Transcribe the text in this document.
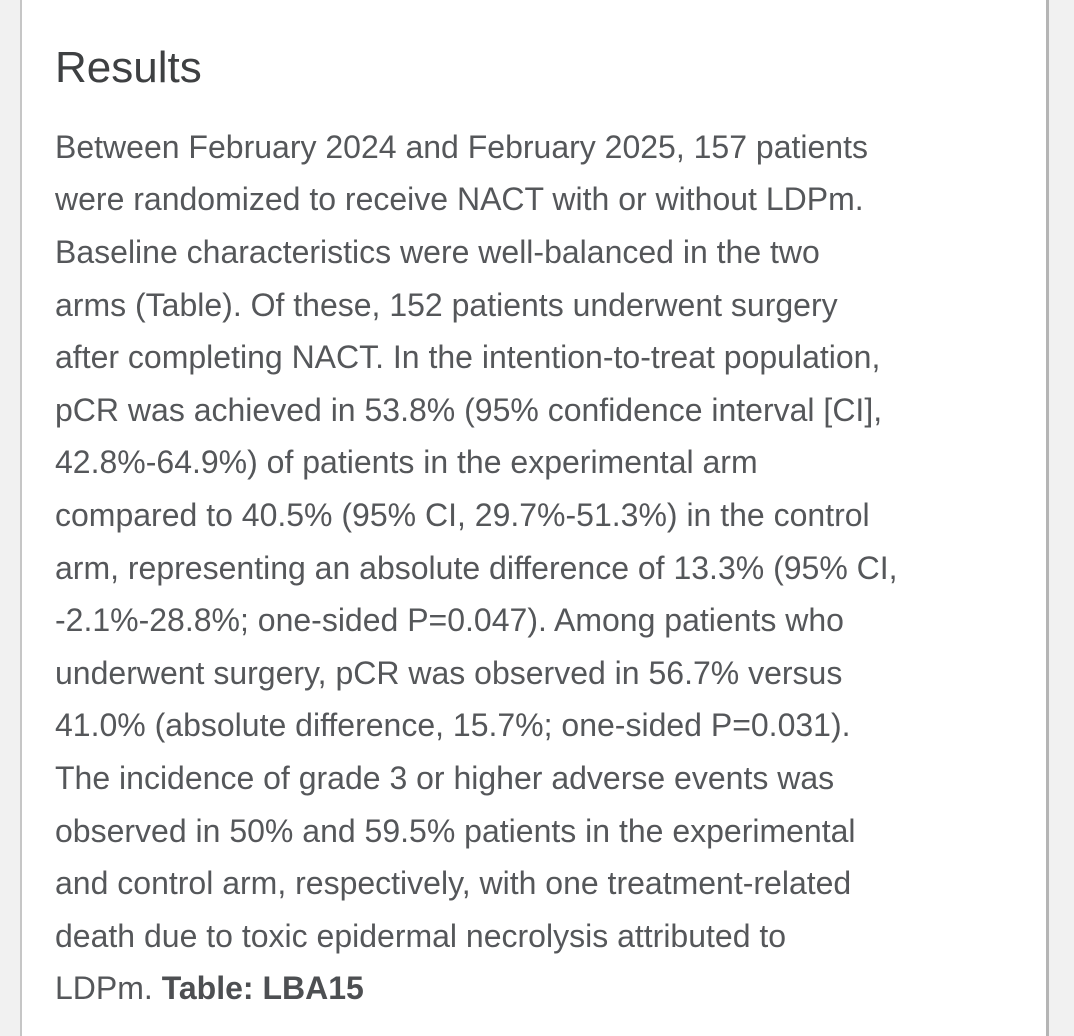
Results
Between February 2024 and February 2025, 157 patients
were randomized to receive NACT with or without LDPm.
Baseline characteristics were well-balanced in the two
arms (Table). Of these, 152 patients underwent surgery
after completing NACT. In the intention-to-treat population,
pCR was achieved in 53.8% (95% confidence interval [CI],
42.8%-64.9%) of patients in the experimental arm
compared to 40.5% (95% CI, 29.7%-51.3%) in the control
arm, representing an absolute difference of 13.3% (95% CI,
-2.1%-28.8%; one-sided P=0.047). Among patients who
underwent surgery, pCR was observed in 56.7% versus
41.0% (absolute difference, 15.7%; one-sided P=0.031).
The incidence of grade 3 or higher adverse events was
observed in 50% and 59.5% patients in the experimental
and control arm, respectively, with one treatment-related
death due to toxic epidermal necrolysis attributed to
LDPm. Table: LBA15
